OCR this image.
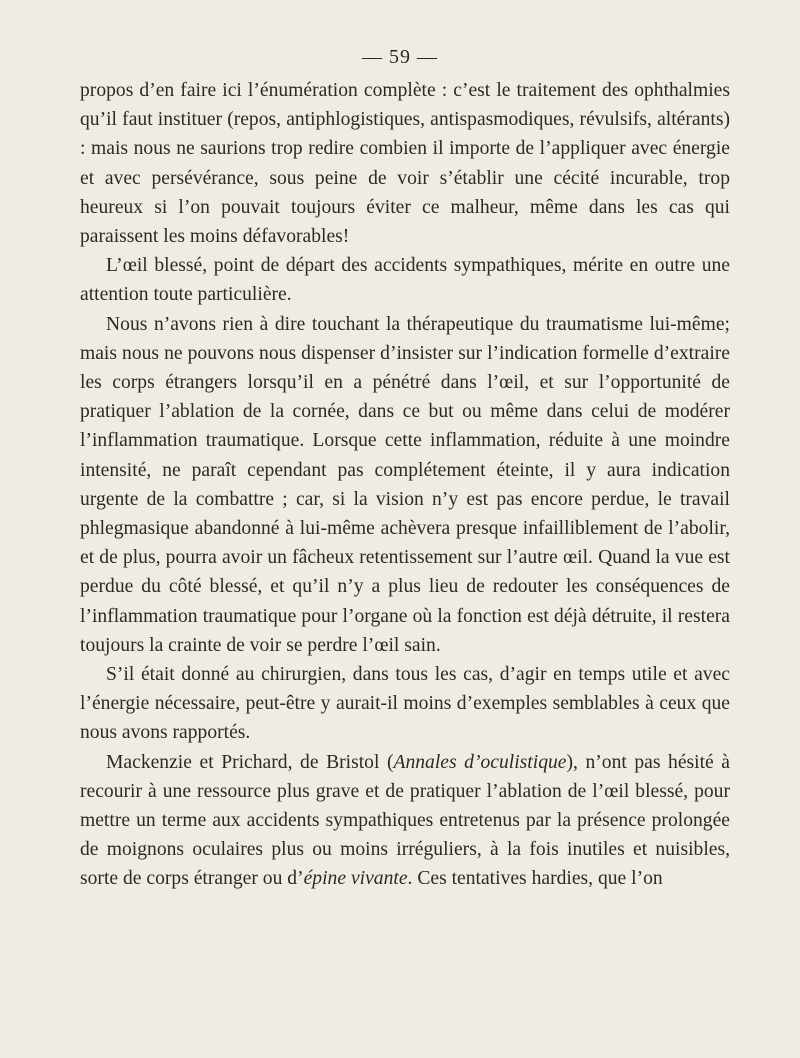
— 59 —

propos d’en faire ici l’énumération complète : c’est le traitement des ophthalmies qu’il faut instituer (repos, antiphlogistiques, antispasmodiques, révulsifs, altérants) : mais nous ne saurions trop redire combien il importe de l’appliquer avec énergie et avec persévérance, sous peine de voir s’établir une cécité incurable, trop heureux si l’on pouvait toujours éviter ce malheur, même dans les cas qui paraissent les moins défavorables!

L’œil blessé, point de départ des accidents sympathiques, mérite en outre une attention toute particulière.

Nous n’avons rien à dire touchant la thérapeutique du traumatisme lui-même; mais nous ne pouvons nous dispenser d’insister sur l’indication formelle d’extraire les corps étrangers lorsqu’il en a pénétré dans l’œil, et sur l’opportunité de pratiquer l’ablation de la cornée, dans ce but ou même dans celui de modérer l’inflammation traumatique. Lorsque cette inflammation, réduite à une moindre intensité, ne paraît cependant pas complétement éteinte, il y aura indication urgente de la combattre ; car, si la vision n’y est pas encore perdue, le travail phlegmasique abandonné à lui-même achèvera presque infailliblement de l’abolir, et de plus, pourra avoir un fâcheux retentissement sur l’autre œil. Quand la vue est perdue du côté blessé, et qu’il n’y a plus lieu de redouter les conséquences de l’inflammation traumatique pour l’organe où la fonction est déjà détruite, il restera toujours la crainte de voir se perdre l’œil sain.

S’il était donné au chirurgien, dans tous les cas, d’agir en temps utile et avec l’énergie nécessaire, peut-être y aurait-il moins d’exemples semblables à ceux que nous avons rapportés.

Mackenzie et Prichard, de Bristol (Annales d’oculistique), n’ont pas hésité à recourir à une ressource plus grave et de pratiquer l’ablation de l’œil blessé, pour mettre un terme aux accidents sympathiques entretenus par la présence prolongée de moignons oculaires plus ou moins irréguliers, à la fois inutiles et nuisibles, sorte de corps étranger ou d’épine vivante. Ces tentatives hardies, que l’on
